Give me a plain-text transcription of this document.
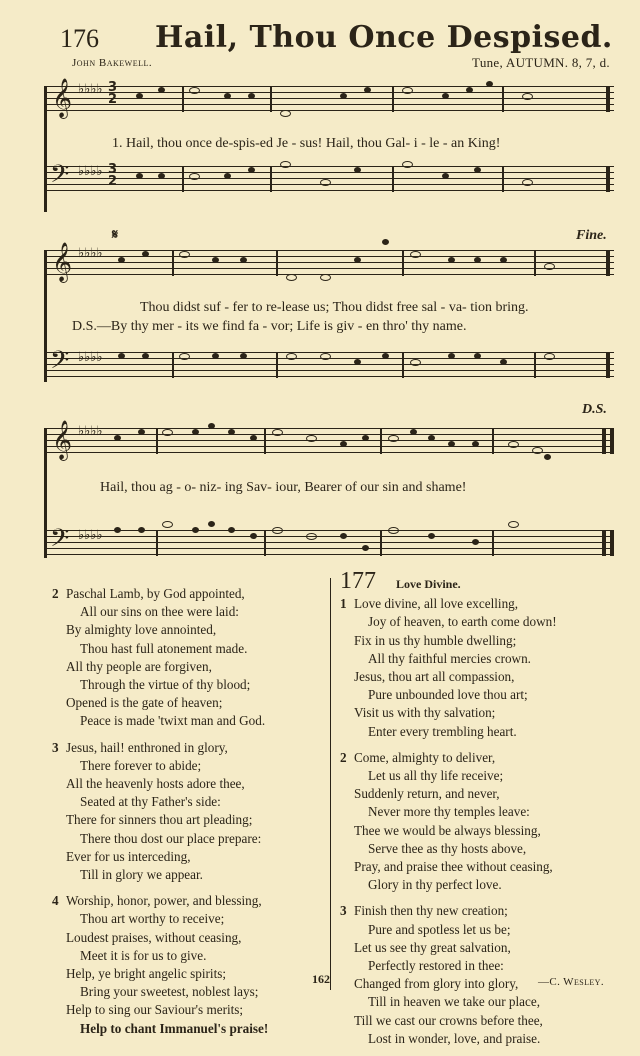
176 Hail, Thou Once Despised.
John Bakewell.	Tune, AUTUMN. 8, 7, d.
𝄞 ♭♭♭♭ 3
2
𝄢 ♭♭♭♭ 3
2
1. Hail, thou once de-spis-ed Je - sus! Hail, thou Gal- i - le - an King!
𝄋	Fine.
𝄞 ♭♭♭♭
𝄢 ♭♭♭♭
Thou didst suf - fer to re-lease us; Thou didst free sal - va- tion bring.
D.S.—By thy mer - its we find fa - vor; Life is giv - en thro' thy name.
D.S.
𝄞 ♭♭♭♭
𝄢 ♭♭♭♭
Hail, thou ag - o- niz- ing Sav- iour, Bearer of our sin and shame!
2 Paschal Lamb, by God appointed,
All our sins on thee were laid:
By almighty love annointed,
Thou hast full atonement made.
All thy people are forgiven,
Through the virtue of thy blood;
Opened is the gate of heaven;
Peace is made 'twixt man and God.
3 Jesus, hail! enthroned in glory,
There forever to abide;
All the heavenly hosts adore thee,
Seated at thy Father's side:
There for sinners thou art pleading;
There thou dost our place prepare:
Ever for us interceding,
Till in glory we appear.
4 Worship, honor, power, and blessing,
Thou art worthy to receive;
Loudest praises, without ceasing,
Meet it is for us to give.
Help, ye bright angelic spirits;
Bring your sweetest, noblest lays;
Help to sing our Saviour's merits;
Help to chant Immanuel's praise!
177 Love Divine.
1 Love divine, all love excelling,
Joy of heaven, to earth come down!
Fix in us thy humble dwelling;
All thy faithful mercies crown.
Jesus, thou art all compassion,
Pure unbounded love thou art;
Visit us with thy salvation;
Enter every trembling heart.
2 Come, almighty to deliver,
Let us all thy life receive;
Suddenly return, and never,
Never more thy temples leave:
Thee we would be always blessing,
Serve thee as thy hosts above,
Pray, and praise thee without ceasing,
Glory in thy perfect love.
3 Finish then thy new creation;
Pure and spotless let us be;
Let us see thy great salvation,
Perfectly restored in thee:
Changed from glory into glory,
Till in heaven we take our place,
Till we cast our crowns before thee,
Lost in wonder, love, and praise.
162	—C. Wesley.
